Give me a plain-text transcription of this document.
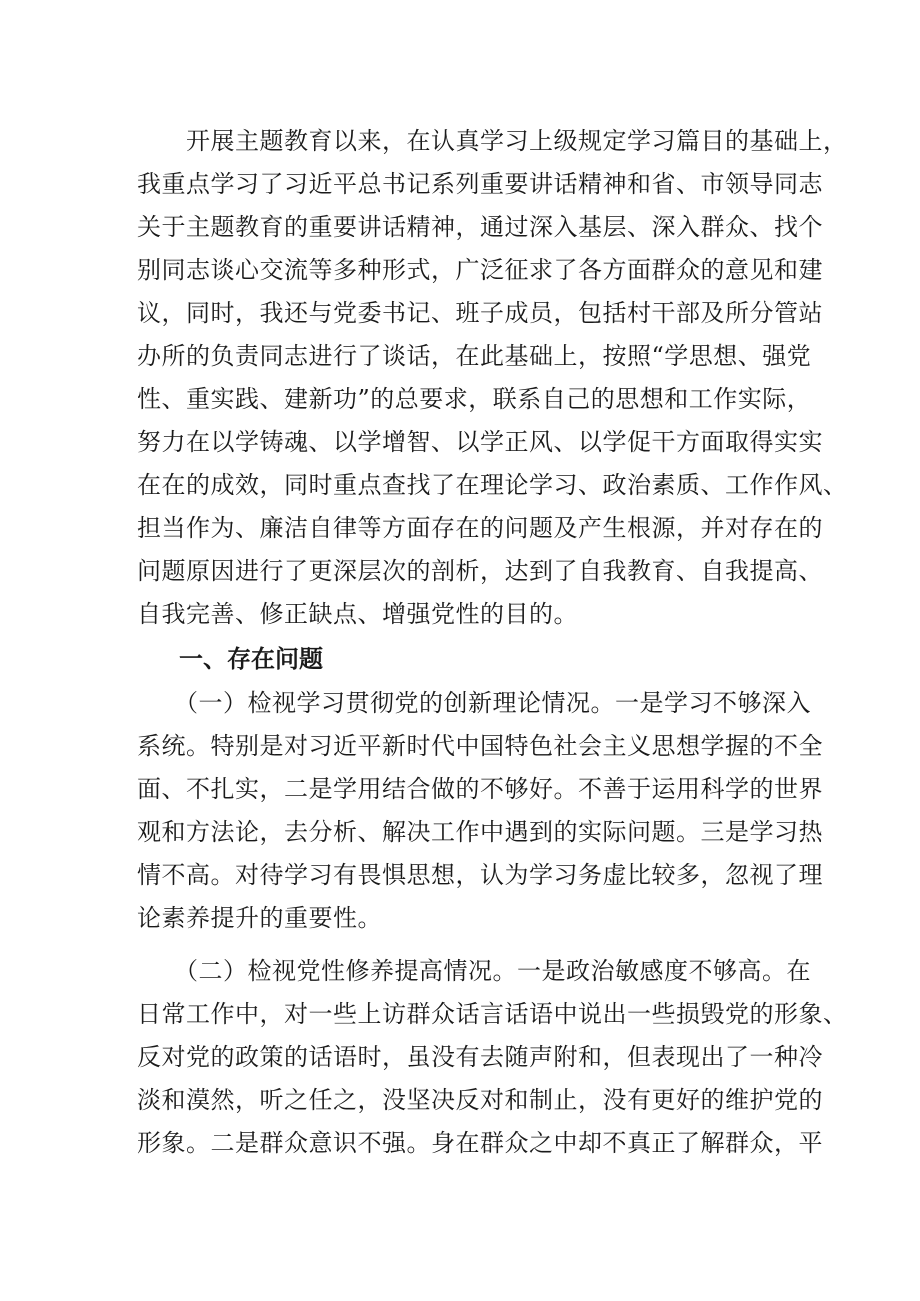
　　开展主题教育以来，在认真学习上级规定学习篇目的基础上，
我重点学习了习近平总书记系列重要讲话精神和省、市领导同志
关于主题教育的重要讲话精神，通过深入基层、深入群众、找个
别同志谈心交流等多种形式，广泛征求了各方面群众的意见和建
议，同时，我还与党委书记、班子成员，包括村干部及所分管站
办所的负责同志进行了谈话，在此基础上，按照“学思想、强党
性、重实践、建新功”的总要求，联系自己的思想和工作实际，
努力在以学铸魂、以学增智、以学正风、以学促干方面取得实实
在在的成效，同时重点查找了在理论学习、政治素质、工作作风、
担当作为、廉洁自律等方面存在的问题及产生根源，并对存在的
问题原因进行了更深层次的剖析，达到了自我教育、自我提高、
自我完善、修正缺点、增强党性的目的。
一、存在问题
　　（一）检视学习贯彻党的创新理论情况。一是学习不够深入
系统。特别是对习近平新时代中国特色社会主义思想学握的不全
面、不扎实，二是学用结合做的不够好。不善于运用科学的世界
观和方法论，去分析、解决工作中遇到的实际问题。三是学习热
情不高。对待学习有畏惧思想，认为学习务虚比较多，忽视了理
论素养提升的重要性。
　　（二）检视党性修养提高情况。一是政治敏感度不够高。在
日常工作中，对一些上访群众话言话语中说出一些损毁党的形象、
反对党的政策的话语时，虽没有去随声附和，但表现出了一种冷
淡和漠然，听之任之，没坚决反对和制止，没有更好的维护党的
形象。二是群众意识不强。身在群众之中却不真正了解群众，平
